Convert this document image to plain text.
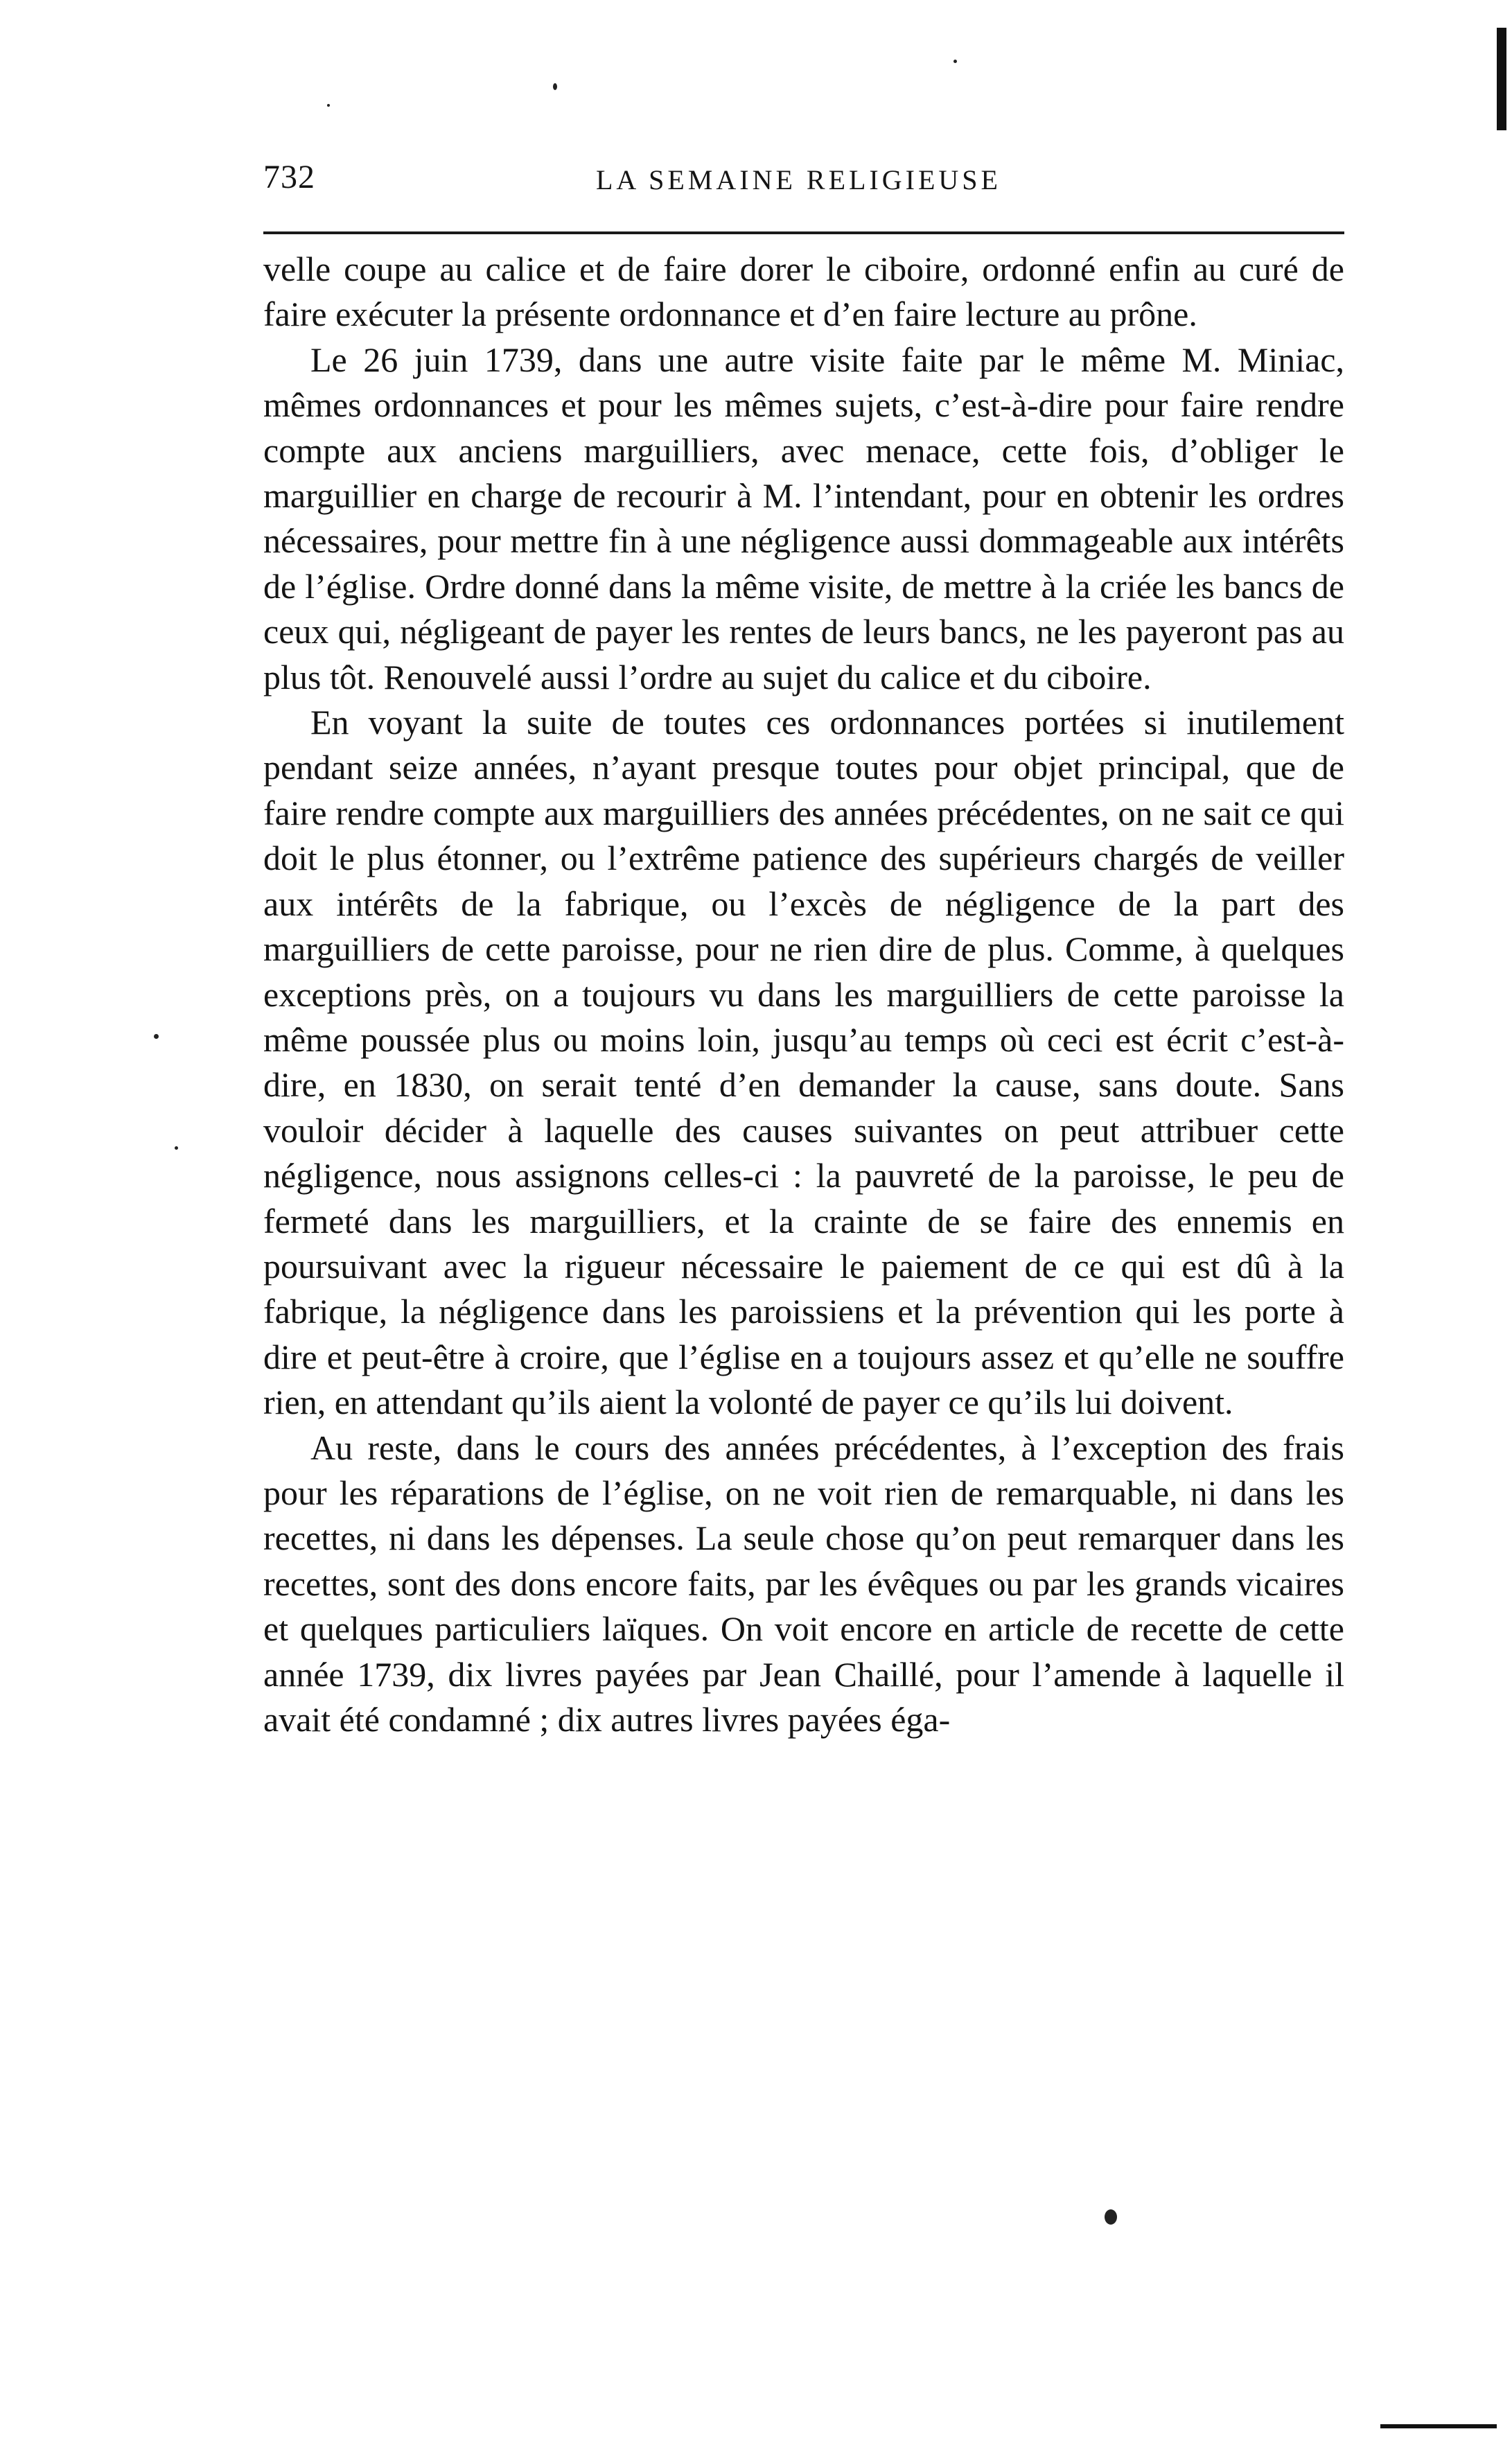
732	LA SEMAINE RELIGIEUSE

velle coupe au calice et de faire dorer le ciboire, ordonné enfin au curé de faire exécuter la présente ordonnance et d’en faire lecture au prône.

Le 26 juin 1739, dans une autre visite faite par le même M. Miniac, mêmes ordonnances et pour les mêmes sujets, c’est-à-dire pour faire rendre compte aux anciens marguilliers, avec menace, cette fois, d’obliger le marguillier en charge de recourir à M. l’intendant, pour en obtenir les ordres nécessaires, pour mettre fin à une négligence aussi dommageable aux intérêts de l’église. Ordre donné dans la même visite, de mettre à la criée les bancs de ceux qui, négligeant de payer les rentes de leurs bancs, ne les payeront pas au plus tôt. Renouvelé aussi l’ordre au sujet du calice et du ciboire.

En voyant la suite de toutes ces ordonnances portées si inutilement pendant seize années, n’ayant presque toutes pour objet principal, que de faire rendre compte aux marguilliers des années précédentes, on ne sait ce qui doit le plus étonner, ou l’extrême patience des supérieurs chargés de veiller aux intérêts de la fabrique, ou l’excès de négligence de la part des marguilliers de cette paroisse, pour ne rien dire de plus. Comme, à quelques exceptions près, on a toujours vu dans les marguilliers de cette paroisse la même poussée plus ou moins loin, jusqu’au temps où ceci est écrit c’est-à-dire, en 1830, on serait tenté d’en demander la cause, sans doute. Sans vouloir décider à laquelle des causes suivantes on peut attribuer cette négligence, nous assignons celles-ci : la pauvreté de la paroisse, le peu de fermeté dans les marguilliers, et la crainte de se faire des ennemis en poursuivant avec la rigueur nécessaire le paiement de ce qui est dû à la fabrique, la négligence dans les paroissiens et la prévention qui les porte à dire et peut-être à croire, que l’église en a toujours assez et qu’elle ne souffre rien, en attendant qu’ils aient la volonté de payer ce qu’ils lui doivent.

Au reste, dans le cours des années précédentes, à l’exception des frais pour les réparations de l’église, on ne voit rien de remarquable, ni dans les recettes, ni dans les dépenses. La seule chose qu’on peut remarquer dans les recettes, sont des dons encore faits, par les évêques ou par les grands vicaires et quelques particuliers laïques. On voit encore en article de recette de cette année 1739, dix livres payées par Jean Chaillé, pour l’amende à laquelle il avait été condamné ; dix autres livres payées éga-
